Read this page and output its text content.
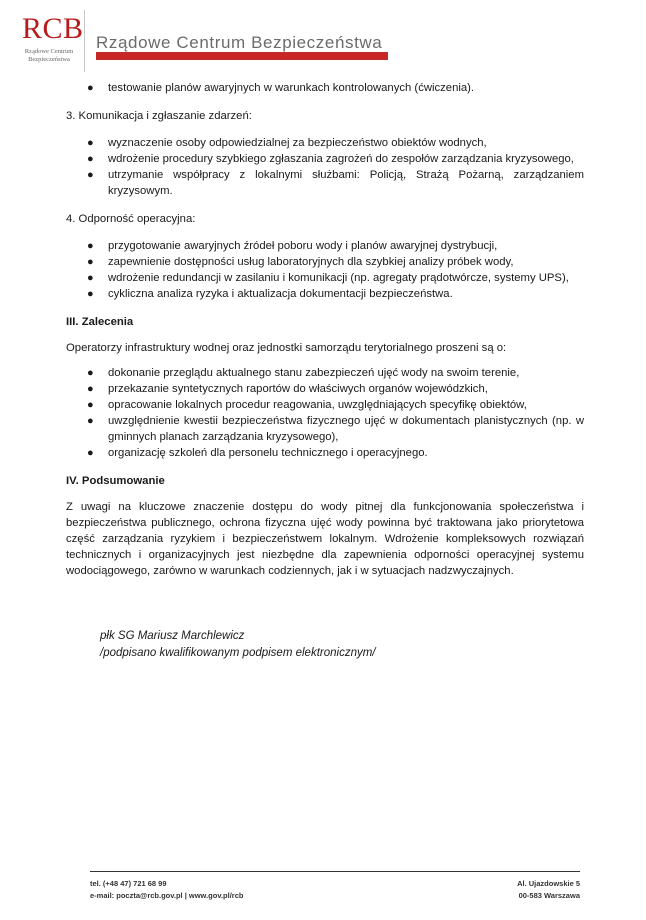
RCB
Rządowe Centrum Bezpieczeństwa
Rządowe Centrum Bezpieczeństwa
● testowanie planów awaryjnych w warunkach kontrolowanych (ćwiczenia).
3. Komunikacja i zgłaszanie zdarzeń:
● wyznaczenie osoby odpowiedzialnej za bezpieczeństwo obiektów wodnych,
● wdrożenie procedury szybkiego zgłaszania zagrożeń do zespołów zarządzania kryzysowego,
● utrzymanie współpracy z lokalnymi służbami: Policją, Strażą Pożarną, zarządzaniem kryzysowym.
4. Odporność operacyjna:
● przygotowanie awaryjnych źródeł poboru wody i planów awaryjnej dystrybucji,
● zapewnienie dostępności usług laboratoryjnych dla szybkiej analizy próbek wody,
● wdrożenie redundancji w zasilaniu i komunikacji (np. agregaty prądotwórcze, systemy UPS),
● cykliczna analiza ryzyka i aktualizacja dokumentacji bezpieczeństwa.
III. Zalecenia
Operatorzy infrastruktury wodnej oraz jednostki samorządu terytorialnego proszeni są o:
● dokonanie przeglądu aktualnego stanu zabezpieczeń ujęć wody na swoim terenie,
● przekazanie syntetycznych raportów do właściwych organów wojewódzkich,
● opracowanie lokalnych procedur reagowania, uwzględniających specyfikę obiektów,
● uwzględnienie kwestii bezpieczeństwa fizycznego ujęć w dokumentach planistycznych (np. w gminnych planach zarządzania kryzysowego),
● organizację szkoleń dla personelu technicznego i operacyjnego.
IV. Podsumowanie
Z uwagi na kluczowe znaczenie dostępu do wody pitnej dla funkcjonowania społeczeństwa i bezpieczeństwa publicznego, ochrona fizyczna ujęć wody powinna być traktowana jako priorytetowa część zarządzania ryzykiem i bezpieczeństwem lokalnym. Wdrożenie kompleksowych rozwiązań technicznych i organizacyjnych jest niezbędne dla zapewnienia odporności operacyjnej systemu wodociągowego, zarówno w warunkach codziennych, jak i w sytuacjach nadzwyczajnych.
płk SG Mariusz Marchlewicz
/podpisano kwalifikowanym podpisem elektronicznym/
tel. (+48 47) 721 68 99
e-mail: poczta@rcb.gov.pl | www.gov.pl/rcb
Al. Ujazdowskie 5
00-583 Warszawa
